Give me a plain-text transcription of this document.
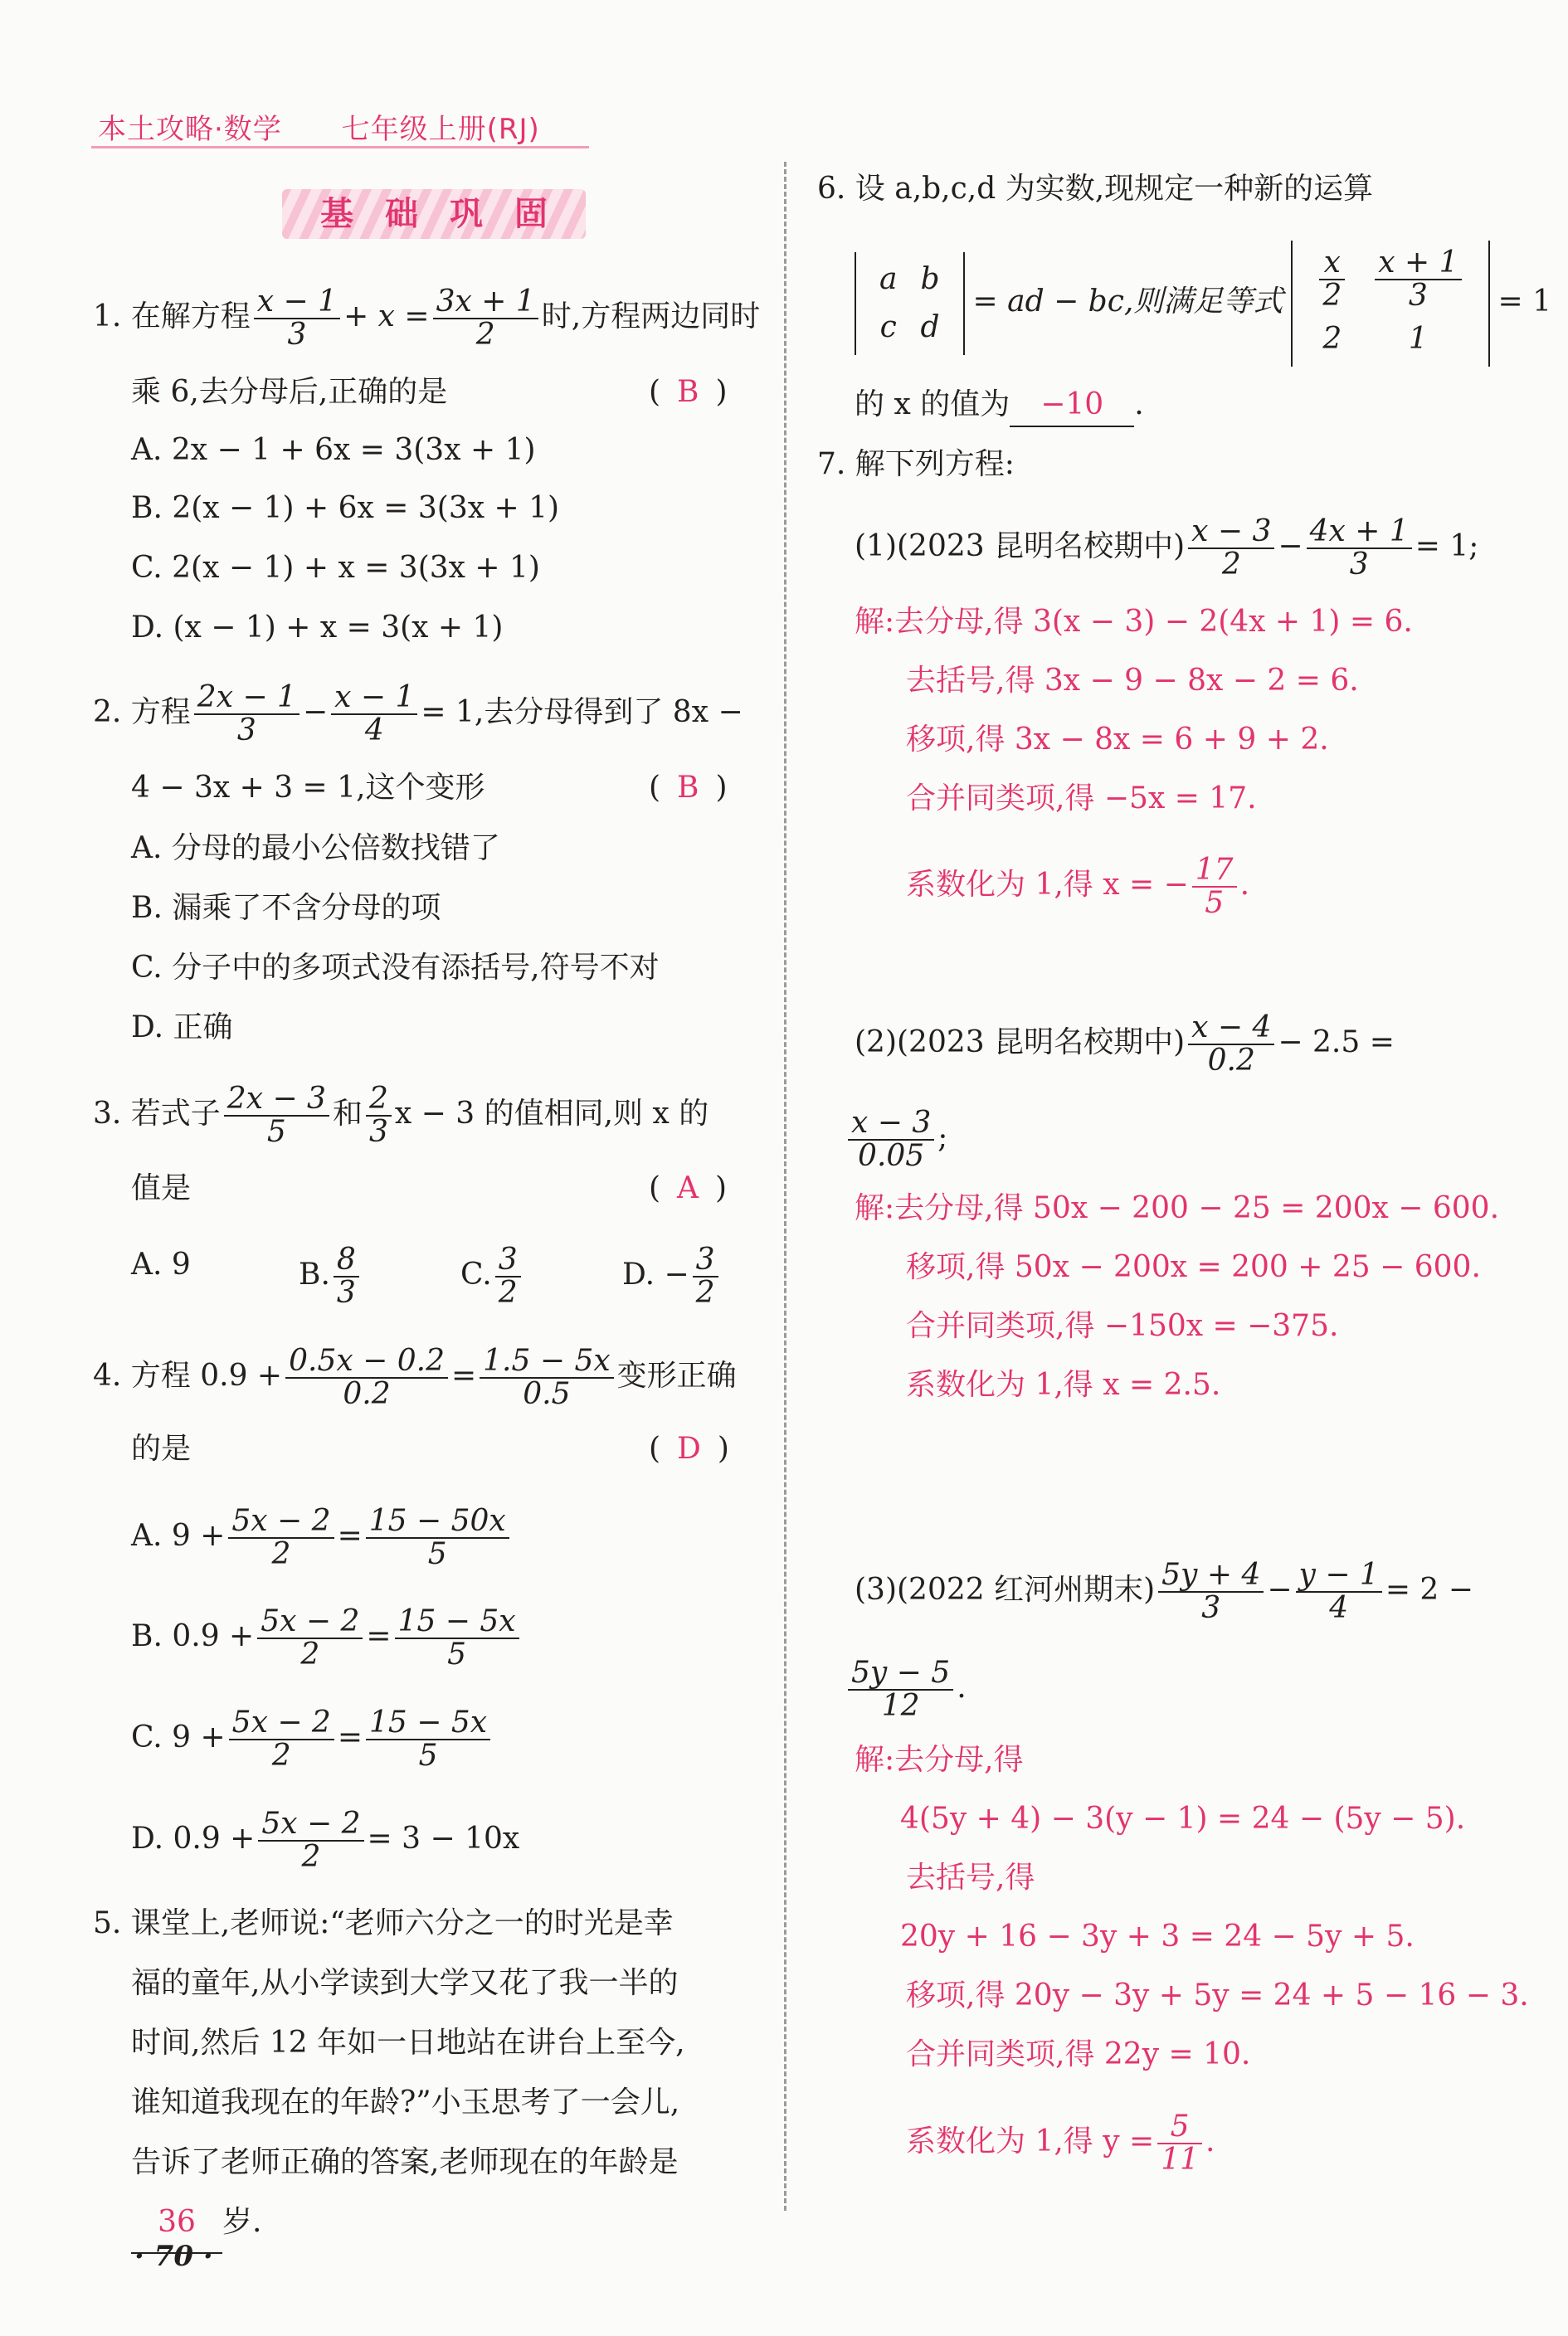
本土攻略·数学 七年级上册(RJ)
基础巩固
1. 在解方程 $\frac{x - 1}{3} + x = \frac{3x + 1}{2}$ 时,方程两边同时
乘 6,去分母后,正确的是	( B )
A. 2x − 1 + 6x = 3(3x + 1)
B. 2(x − 1) + 6x = 3(3x + 1)
C. 2(x − 1) + x = 3(3x + 1)
D. (x − 1) + x = 3(x + 1)
2. 方程 $\frac{2x - 1}{3} - \frac{x - 1}{4} = 1$,去分母得到了 8x −
4 − 3x + 3 = 1,这个变形	( B )
A. 分母的最小公倍数找错了
B. 漏乘了不含分母的项
C. 分子中的多项式没有添括号,符号不对
D. 正确
3. 若式子 $\frac{2x - 3}{5}$ 和 $\frac{2}{3}$ x − 3 的值相同,则 x 的
值是	( A )
A. 9	B. $\frac{8}{3}$	C. $\frac{3}{2}$	D. − $\frac{3}{2}$
4. 方程 $0.9 + \frac{0.5x - 0.2}{0.2} = \frac{1.5 - 5x}{0.5}$ 变形正确
的是	( D )
A. $9 + \frac{5x - 2}{2} = \frac{15 - 50x}{5}$
B. $0.9 + \frac{5x - 2}{2} = \frac{15 - 5x}{5}$
C. $9 + \frac{5x - 2}{2} = \frac{15 - 5x}{5}$
D. $0.9 + \frac{5x - 2}{2} = 3 - 10x$
5. 课堂上,老师说:“老师六分之一的时光是幸
福的童年,从小学读到大学又花了我一半的
时间,然后 12 年如一日地站在讲台上至今,
谁知道我现在的年龄?”小玉思考了一会儿,
告诉了老师正确的答案,老师现在的年龄是
36 岁.
· 70 ·
6. 设 a,b,c,d 为实数,现规定一种新的运算
a	b
c	d
= ad − bc,则满足等式 $\frac{x}{2}$	$\frac{x + 1}{3}$

2	1
= 1
的 x 的值为 −10 .
7. 解下列方程:
(1)(2023 昆明名校期中) $\frac{x - 3}{2} - \frac{4x + 1}{3} = 1$;
解:去分母,得 3(x − 3) − 2(4x + 1) = 6.
去括号,得 3x − 9 − 8x − 2 = 6.
移项,得 3x − 8x = 6 + 9 + 2.
合并同类项,得 −5x = 17.
系数化为 1,得 x = − $\frac{17}{5}$ .
(2)(2023 昆明名校期中) $\frac{x - 4}{0.2} - 2.5$ =
$\frac{x - 3}{0.05}$ ;
解:去分母,得 50x − 200 − 25 = 200x − 600.
移项,得 50x − 200x = 200 + 25 − 600.
合并同类项,得 −150x = −375.
系数化为 1,得 x = 2.5.
(3)(2022 红河州期末) $\frac{5y + 4}{3} - \frac{y - 1}{4} = 2$ −
$\frac{5y - 5}{12}$ .
解:去分母,得
4(5y + 4) − 3(y − 1) = 24 − (5y − 5).
去括号,得
20y + 16 − 3y + 3 = 24 − 5y + 5.
移项,得 20y − 3y + 5y = 24 + 5 − 16 − 3.
合并同类项,得 22y = 10.
系数化为 1,得 $y = \frac{5}{11}$ .
